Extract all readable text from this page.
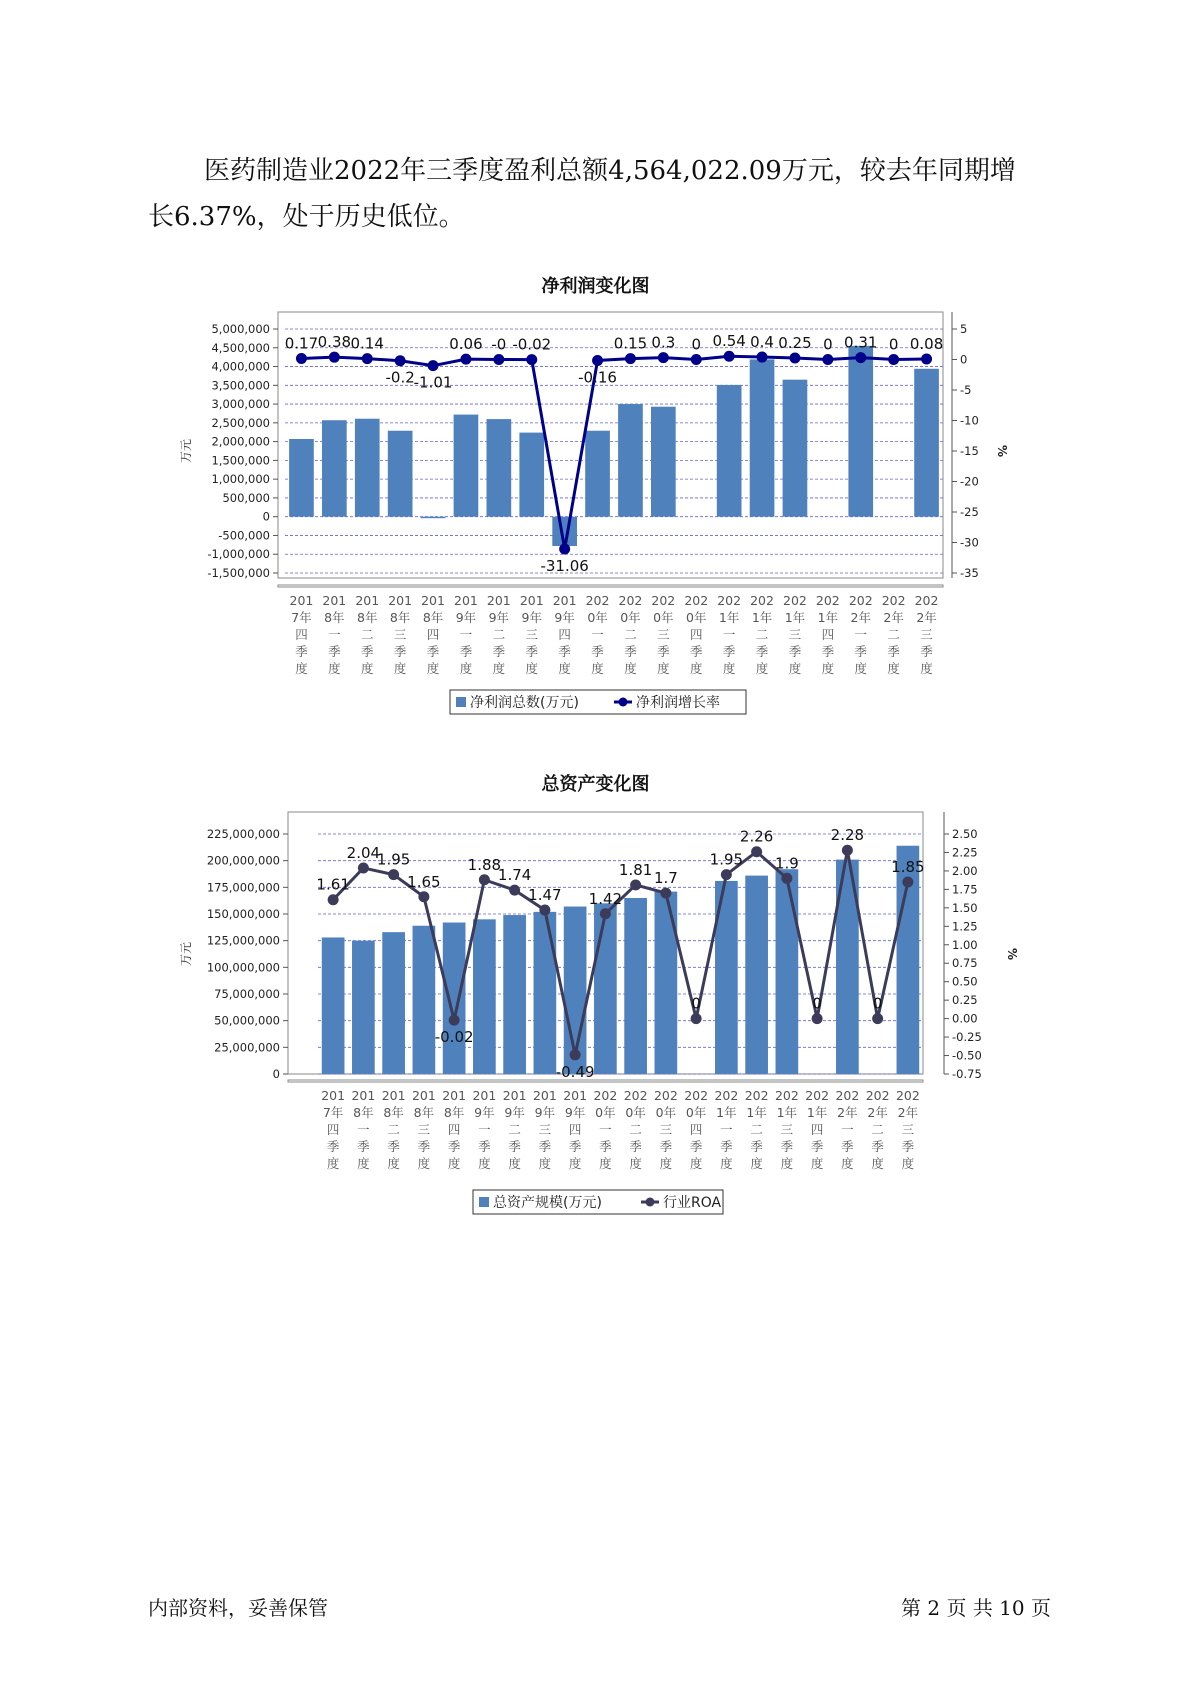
医药制造业2022年三季度盈利总额4,564,022.09万元，较去年同期增
长6.37%，处于历史低位。

净利润变化图
5,000,000
4,500,000
4,000,000
3,500,000
3,000,000
2,500,000
2,000,000
1,500,000
1,000,000
500,000
0
-500,000
-1,000,000
-1,500,000
5
0
-5
-10
-15
-20
-25
-30
-35
万元	%
0.17 0.38 0.14
-0.2
-1.01
0.06 -0 -0.02
-31.06
-0.16
0.15 0.3 0 0.54 0.4 0.25 0 0.31 0 0.08
201 7年四季度
201 8年一季度
201 8年二季度
201 8年三季度
201 8年四季度
201 9年一季度
201 9年二季度
201 9年三季度
201 9年四季度
202 0年一季度
202 0年二季度
202 0年三季度
202 0年四季度
202 1年一季度
202 1年二季度
202 1年三季度
202 1年四季度
202 2年一季度
202 2年二季度
202 2年三季度
净利润总数(万元)	净利润增长率
总资产变化图
225,000,000
200,000,000
175,000,000
150,000,000
125,000,000
100,000,000
75,000,000
50,000,000
25,000,000
0
2.50
2.25
2.00
1.75
1.50
1.25
1.00
0.75
0.50
0.25
0.00
-0.25
-0.50
-0.75
万元	%
1.61
2.04
1.95
1.65
-0.02
1.88
1.74
1.47
-0.49
1.42
1.81 1.7
0
1.95
2.26
1.9
0
2.28
0
1.85
201 7年四季度
201 8年一季度
201 8年二季度
201 8年三季度
201 8年四季度
201 9年一季度
201 9年二季度
201 9年三季度
201 9年四季度
202 0年一季度
202 0年二季度
202 0年三季度
202 0年四季度
202 1年一季度
202 1年二季度
202 1年三季度
202 1年四季度
202 2年一季度
202 2年二季度
202 2年三季度
总资产规模(万元)	行业ROA
内部资料，妥善保管	第 2 页 共 10 页
